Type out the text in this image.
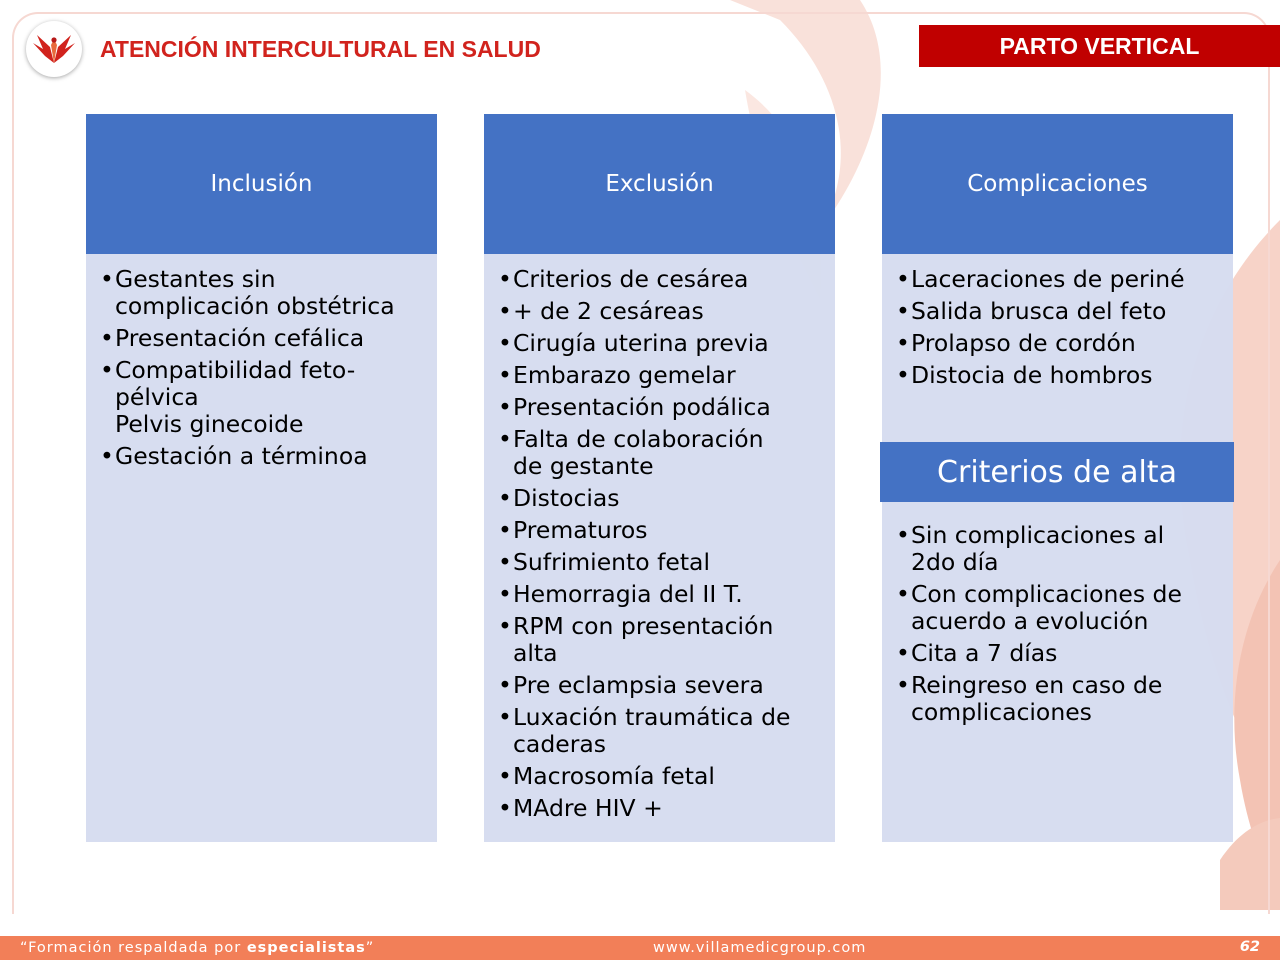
ATENCIÓN INTERCULTURAL EN SALUD	PARTO VERTICAL
Inclusión
• Gestantes sin complicación obstétrica
• Presentación cefálica
• Compatibilidad feto-pélvica
Pelvis ginecoide
• Gestación a términoa
Exclusión
• Criterios de cesárea
• + de 2 cesáreas
• Cirugía uterina previa
• Embarazo gemelar
• Presentación podálica
• Falta de colaboración de gestante
• Distocias
• Prematuros
• Sufrimiento fetal
• Hemorragia del II T.
• RPM con presentación alta
• Pre eclampsia severa
• Luxación traumática de caderas
• Macrosomía fetal
• MAdre HIV +
Complicaciones
• Laceraciones de periné
• Salida brusca del feto
• Prolapso de cordón
• Distocia de hombros
Criterios de alta
• Sin complicaciones al 2do día
• Con complicaciones de acuerdo a evolución
• Cita a 7 días
• Reingreso en caso de complicaciones
“Formación respaldada por especialistas”	www.villamedicgroup.com	62
